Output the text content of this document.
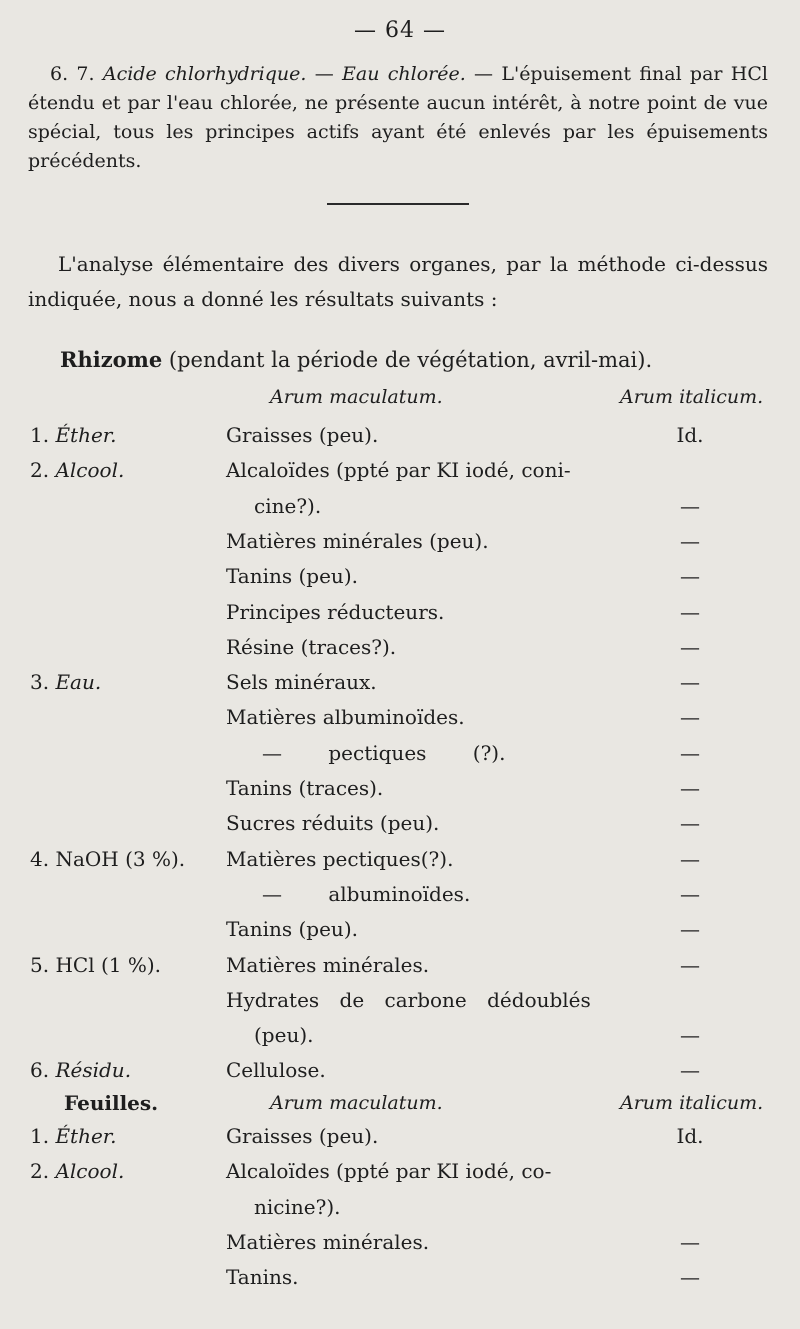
— 64 —
6. 7. Acide chlorhydrique. — Eau chlorée. — L'épuisement final par HCl étendu et par l'eau chlorée, ne présente aucun intérêt, à notre point de vue spécial, tous les principes actifs ayant été enlevés par les épuisements précédents.
L'analyse élémentaire des divers organes, par la méthode ci-dessus indiquée, nous a donné les résultats suivants :
Rhizome (pendant la période de végétation, avril-mai).
Arum maculatum.	Arum italicum.
1. Éther.	Graisses (peu).	Id.
2. Alcool.	Alcaloïdes (ppté par KI iodé, coni-
cine?).	—
Matières minérales (peu).	—
Tanins (peu).	—
Principes réducteurs.	—
Résine (traces?).	—
3. Eau.	Sels minéraux.	—
Matières albuminoïdes.	—
— pectiques (?).	—
Tanins (traces).	—
Sucres réduits (peu).	—
4. NaOH (3 %). Matières pectiques(?).	—
— albuminoïdes.	—
Tanins (peu).	—
5. HCl (1 %).	Matières minérales.	—
Hydrates de carbone dédoublés
(peu).	—
6. Résidu.	Cellulose.	—
Feuilles.	Arum maculatum.	Arum italicum.
1. Éther.	Graisses (peu).	Id.
2. Alcool.	Alcaloïdes (ppté par KI iodé, co-
nicine?).
Matières minérales.	—
Tanins.	—
